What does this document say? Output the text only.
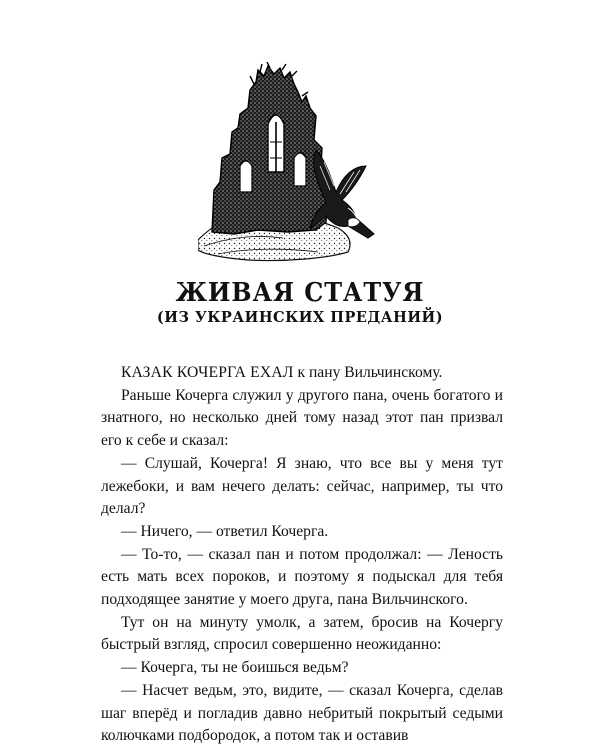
ЖИВАЯ СТАТУЯ
(ИЗ УКРАИНСКИХ ПРЕДАНИЙ)

КАЗАК КОЧЕРГА ЕХАЛ к пану Вильчинскому.

Раньше Кочерга служил у другого пана, очень богатого и знатного, но несколько дней тому назад этот пан призвал его к себе и сказал:

— Слушай, Кочерга! Я знаю, что все вы у меня тут лежебоки, и вам нечего делать: сейчас, например, ты что делал?

— Ничего, — ответил Кочерга.

— То-то, — сказал пан и потом продолжал: — Леность есть мать всех пороков, и поэтому я подыскал для тебя подходящее занятие у моего друга, пана Вильчинского.

Тут он на минуту умолк, а затем, бросив на Кочергу быстрый взгляд, спросил совершенно неожиданно:

— Кочерга, ты не боишься ведьм?

— Насчет ведьм, это, видите, — сказал Кочерга, сделав шаг вперёд и погладив давно небритый покрытый седыми колючками подбородок, а потом так и оставив
